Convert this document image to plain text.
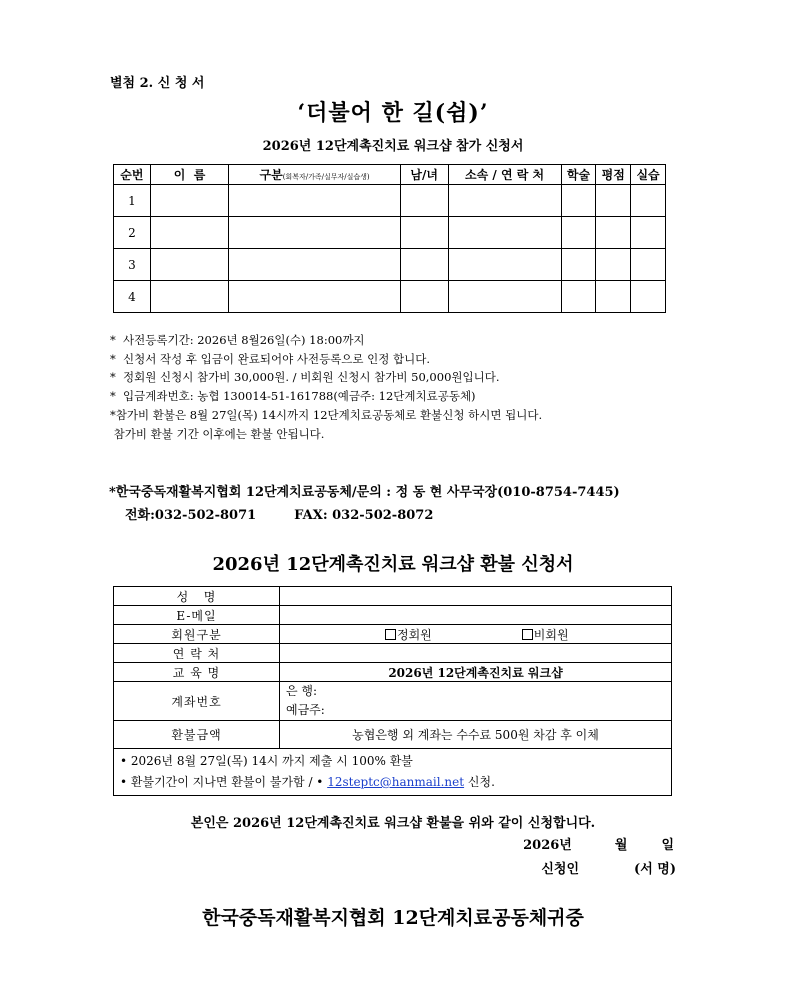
별첨 2. 신 청 서
‘더불어 한 길(쉼)’
2026년 12단계촉진치료 워크샵 참가 신청서
순번	이  름	구분(회복자/가족/실무자/실습생)	남/녀	소속 / 연 락 처	학술	평점	실습
1							
2							
3							
4							
*  사전등록기간: 2026년 8월26일(수) 18:00까지
*  신청서 작성 후 입금이 완료되어야 사전등록으로 인정 합니다.
*  정회원 신청시 참가비 30,000원. / 비회원 신청시 참가비 50,000원입니다.
*  입금계좌번호: 농협 130014-51-161788(예금주: 12단계치료공동체)
*참가비 환불은 8월 27일(목) 14시까지 12단계치료공동체로 환불신청 하시면 됩니다.
참가비 환불 기간 이후에는 환불 안됩니다.
*한국중독재활복지협회 12단계치료공동체/문의 : 정 동 현 사무국장(010-8754-7445)
전화:032-502-8071	FAX: 032-502-8072
2026년 12단계촉진치료 워크샵 환불 신청서
성   명	
E-메일	
회원구분	정회원 비회원
연 락 처	
교 육 명	2026년 12단계촉진치료 워크샵
계좌번호	은 행:
예금주:

환불금액	농협은행 외 계좌는 수수료 500원 차감 후 이체

• 2026년 8월 27일(목) 14시 까지 제출 시 100% 환불
• 환불기간이 지나면 환불이 불가함 / • 12steptc@hanmail.net 신청.	
본인은 2026년 12단계촉진치료 워크샵 환불을 위와 같이 신청합니다.
2026년	월	일
신청인	(서 명)
한국중독재활복지협회 12단계치료공동체귀중
